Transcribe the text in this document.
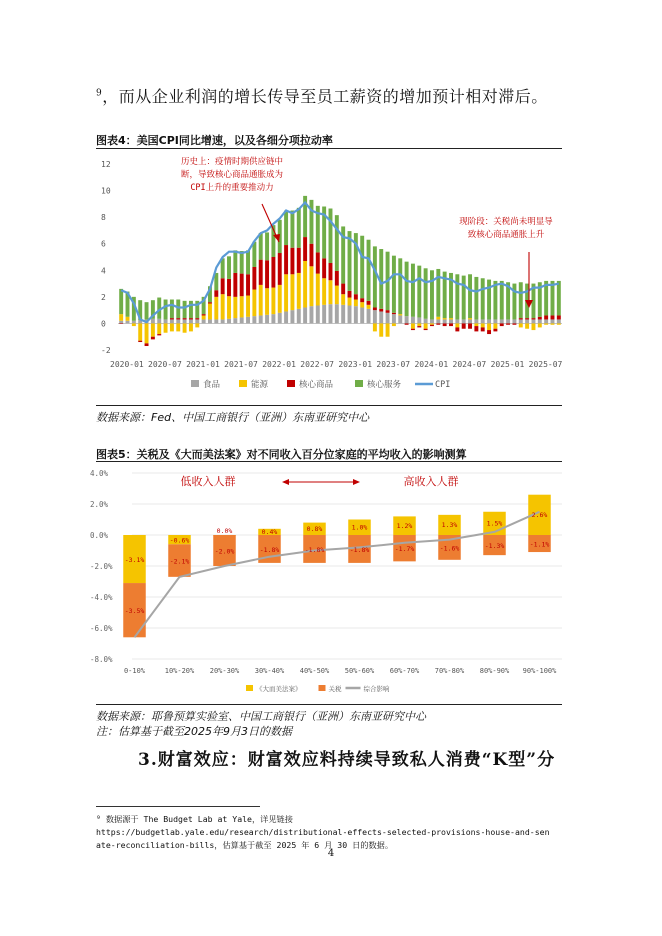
$^9$，而从企业利润的增长传导至员工薪资的增加预计相对滞后。
图表4：美国CPI同比增速，以及各细分项拉动率
-2
0
2
4
6
8
10
12
2020-01 2020-07 2021-01 2021-07 2022-01 2022-07 2023-01 2023-07 2024-01 2024-07 2025-01 2025-07
历史上：疫情时期供应链中
断，导致核心商品通胀成为
CPI上升的重要推动力
现阶段：关税尚未明显导
致核心商品通胀上升
食品	能源	核心商品	核心服务	CPI
数据来源：Fed、中国工商银行（亚洲）东南亚研究中心
图表5：关税及《大而美法案》对不同收入百分位家庭的平均收入的影响测算
-3.1%
-3.5%
-0.6%
-2.1%
0.0%
-2.0%
0.4%
-1.8%
0.8%
-1.8%
1.0%
-1.8%
1.2%
-1.7%
1.3%
-1.6%
1.5%
-1.3%
2.6%
-1.1%
4.0%
2.0%
0.0%
-2.0%
-4.0%
-6.0%
-8.0%
0-10%	10%-20% 20%-30% 30%-40% 40%-50% 50%-60% 60%-70% 70%-80% 80%-90% 90%-100%
低收入人群	高收入人群
《大而美法案》	关税	综合影响
数据来源：耶鲁预算实验室、中国工商银行（亚洲）东南亚研究中心
注：估算基于截至2025年9月3日的数据
3.财富效应：财富效应料持续导致私人消费“K型”分
⁹ 数据源于 The Budget Lab at Yale，详见链接
https://budgetlab.yale.edu/research/distributional-effects-selected-provisions-house-and-sen
ate-reconciliation-bills，估算基于截至 2025 年 6 月 30 日的数据。
4
